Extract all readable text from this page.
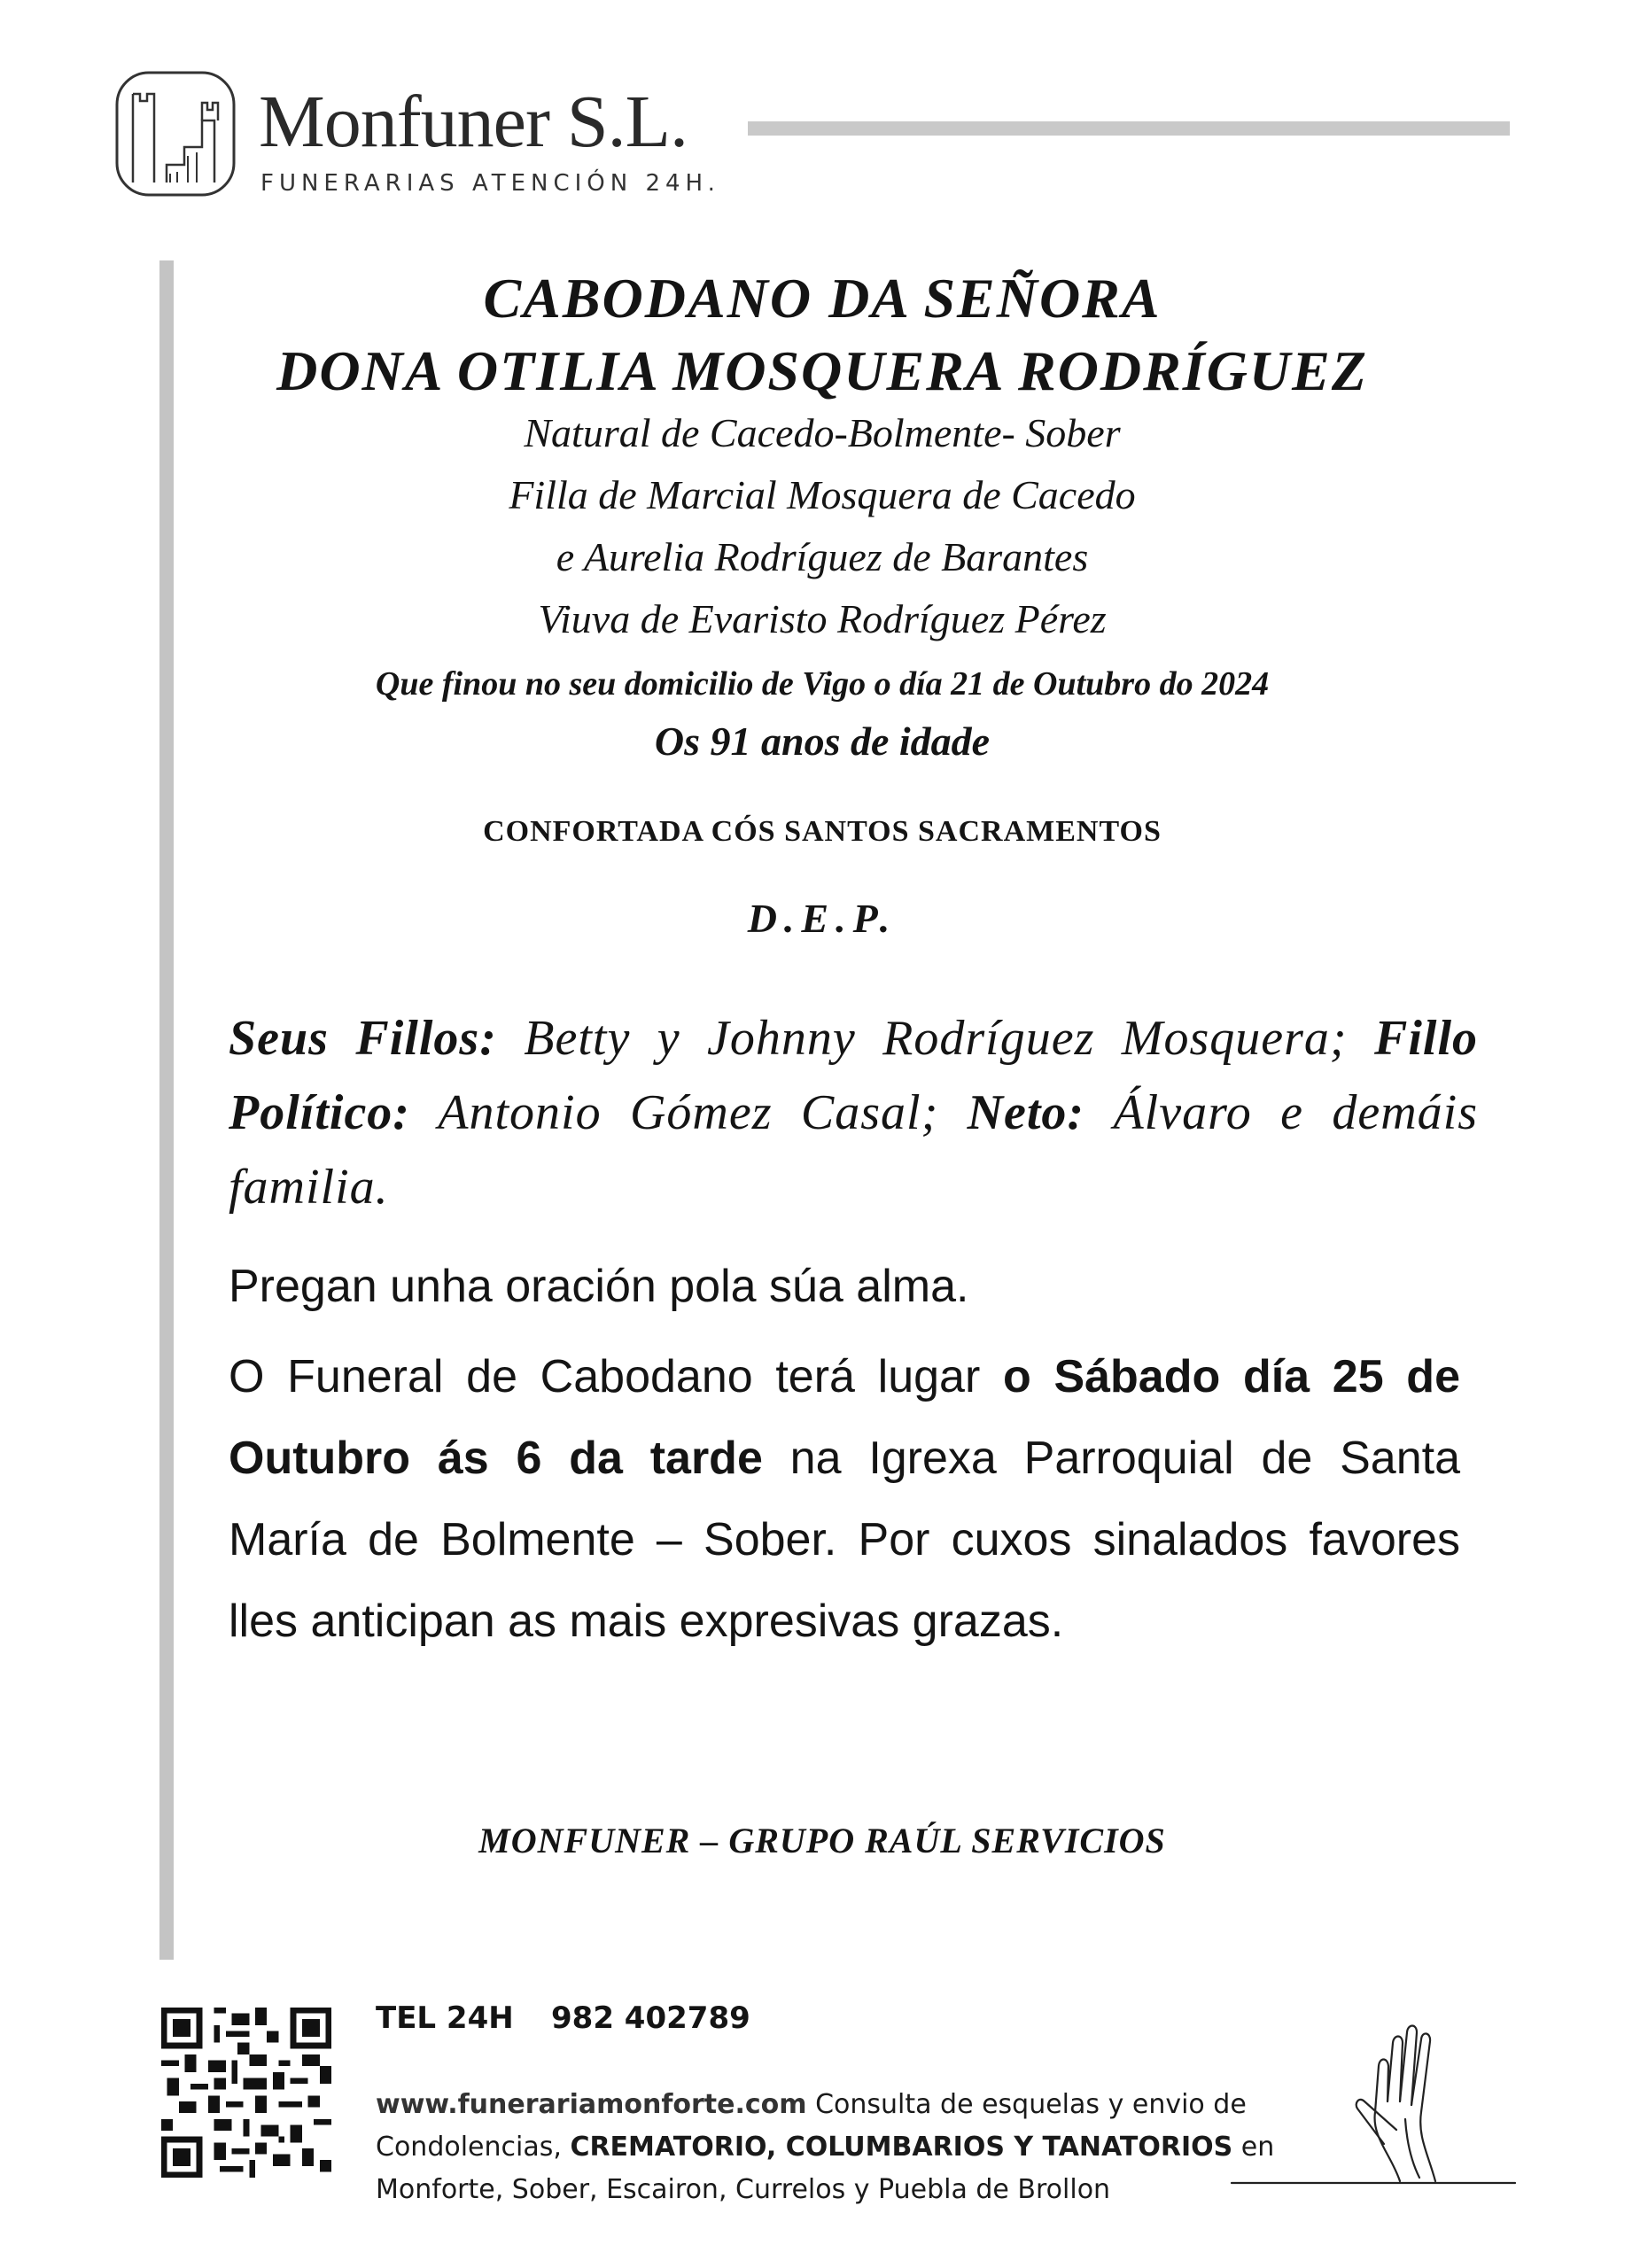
Monfuner S.L.
FUNERARIAS ATENCIÓN 24H.
CABODANO DA SEÑORA
DONA OTILIA MOSQUERA RODRÍGUEZ
Natural de Cacedo-Bolmente- Sober
Filla de Marcial Mosquera de Cacedo
e Aurelia Rodríguez de Barantes
Viuva de Evaristo Rodríguez Pérez
Que finou no seu domicilio de Vigo o día 21 de Outubro do 2024
Os 91 anos de idade
CONFORTADA CÓS SANTOS SACRAMENTOS
D.E.P.
Seus Fillos: Betty y Johnny Rodríguez Mosquera; Fillo Político: Antonio Gómez Casal; Neto: Álvaro e demáis familia.
Pregan unha oración pola súa alma.
O Funeral de Cabodano terá lugar o Sábado día 25 de Outubro ás 6 da tarde na Igrexa Parroquial de Santa María de Bolmente – Sober. Por cuxos sinalados favores lles anticipan as mais expresivas grazas.
MONFUNER – GRUPO RAÚL SERVICIOS
TEL 24H 982 402789
www.funerariamonforte.com Consulta de esquelas y envio de Condolencias, CREMATORIO, COLUMBARIOS Y TANATORIOS en Monforte, Sober, Escairon, Currelos y Puebla de Brollon
